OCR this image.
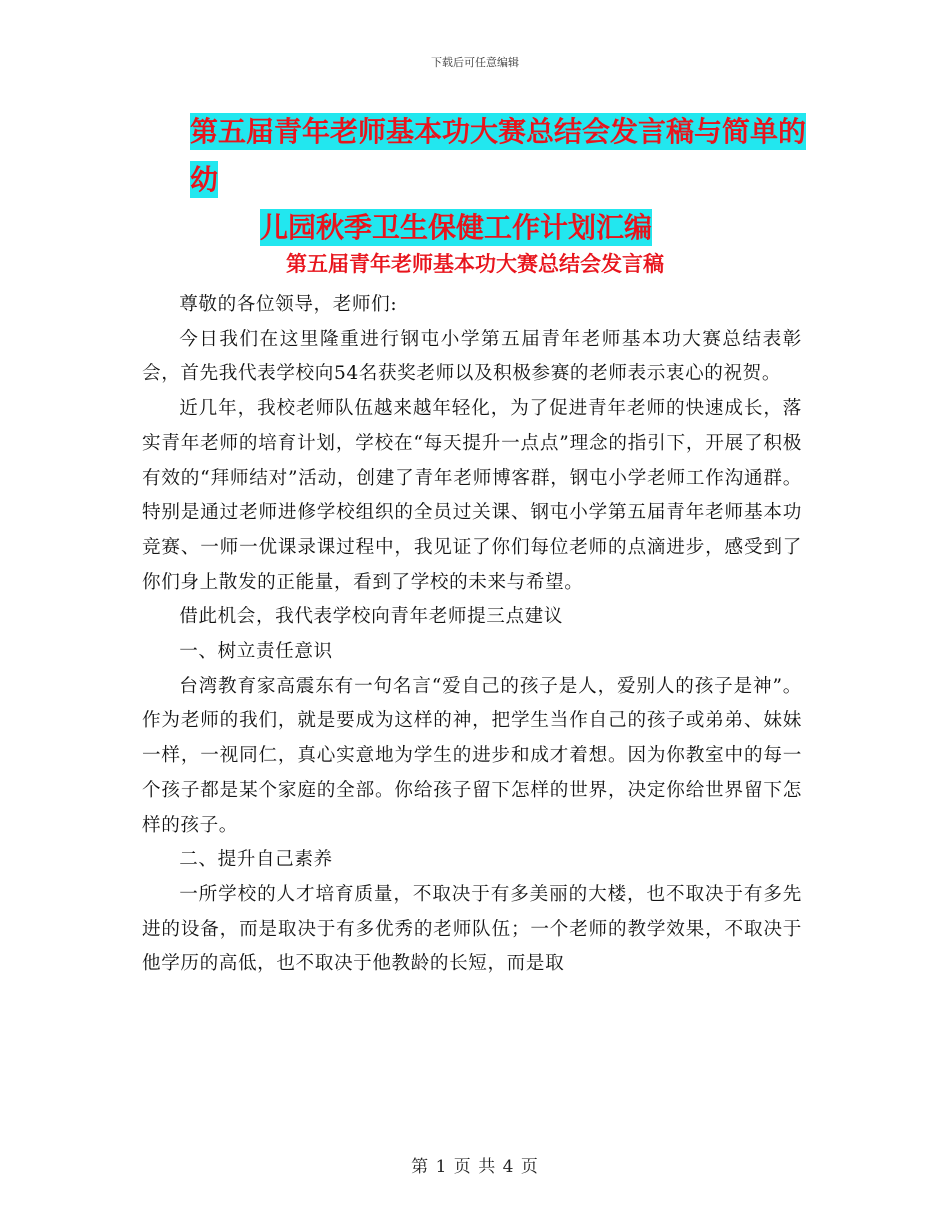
下载后可任意编辑
第五届青年老师基本功大赛总结会发言稿与简单的幼
儿园秋季卫生保健工作计划汇编
第五届青年老师基本功大赛总结会发言稿

尊敬的各位领导，老师们:

今日我们在这里隆重进行钢屯小学第五届青年老师基本功大赛总结表彰会，首先我代表学校向54名获奖老师以及积极参赛的老师表示衷心的祝贺。

近几年，我校老师队伍越来越年轻化，为了促进青年老师的快速成长，落实青年老师的培育计划，学校在“每天提升一点点”理念的指引下，开展了积极有效的“拜师结对”活动，创建了青年老师博客群，钢屯小学老师工作沟通群。特别是通过老师进修学校组织的全员过关课、钢屯小学第五届青年老师基本功竞赛、一师一优课录课过程中，我见证了你们每位老师的点滴进步，感受到了你们身上散发的正能量，看到了学校的未来与希望。

借此机会，我代表学校向青年老师提三点建议

一、树立责任意识

台湾教育家高震东有一句名言“爱自己的孩子是人，爱别人的孩子是神”。作为老师的我们，就是要成为这样的神，把学生当作自己的孩子或弟弟、妹妹一样，一视同仁，真心实意地为学生的进步和成才着想。因为你教室中的每一个孩子都是某个家庭的全部。你给孩子留下怎样的世界，决定你给世界留下怎样的孩子。

二、提升自己素养

一所学校的人才培育质量，不取决于有多美丽的大楼，也不取决于有多先进的设备，而是取决于有多优秀的老师队伍；一个老师的教学效果，不取决于他学历的高低，也不取决于他教龄的长短，而是取

第 1 页 共 4 页
